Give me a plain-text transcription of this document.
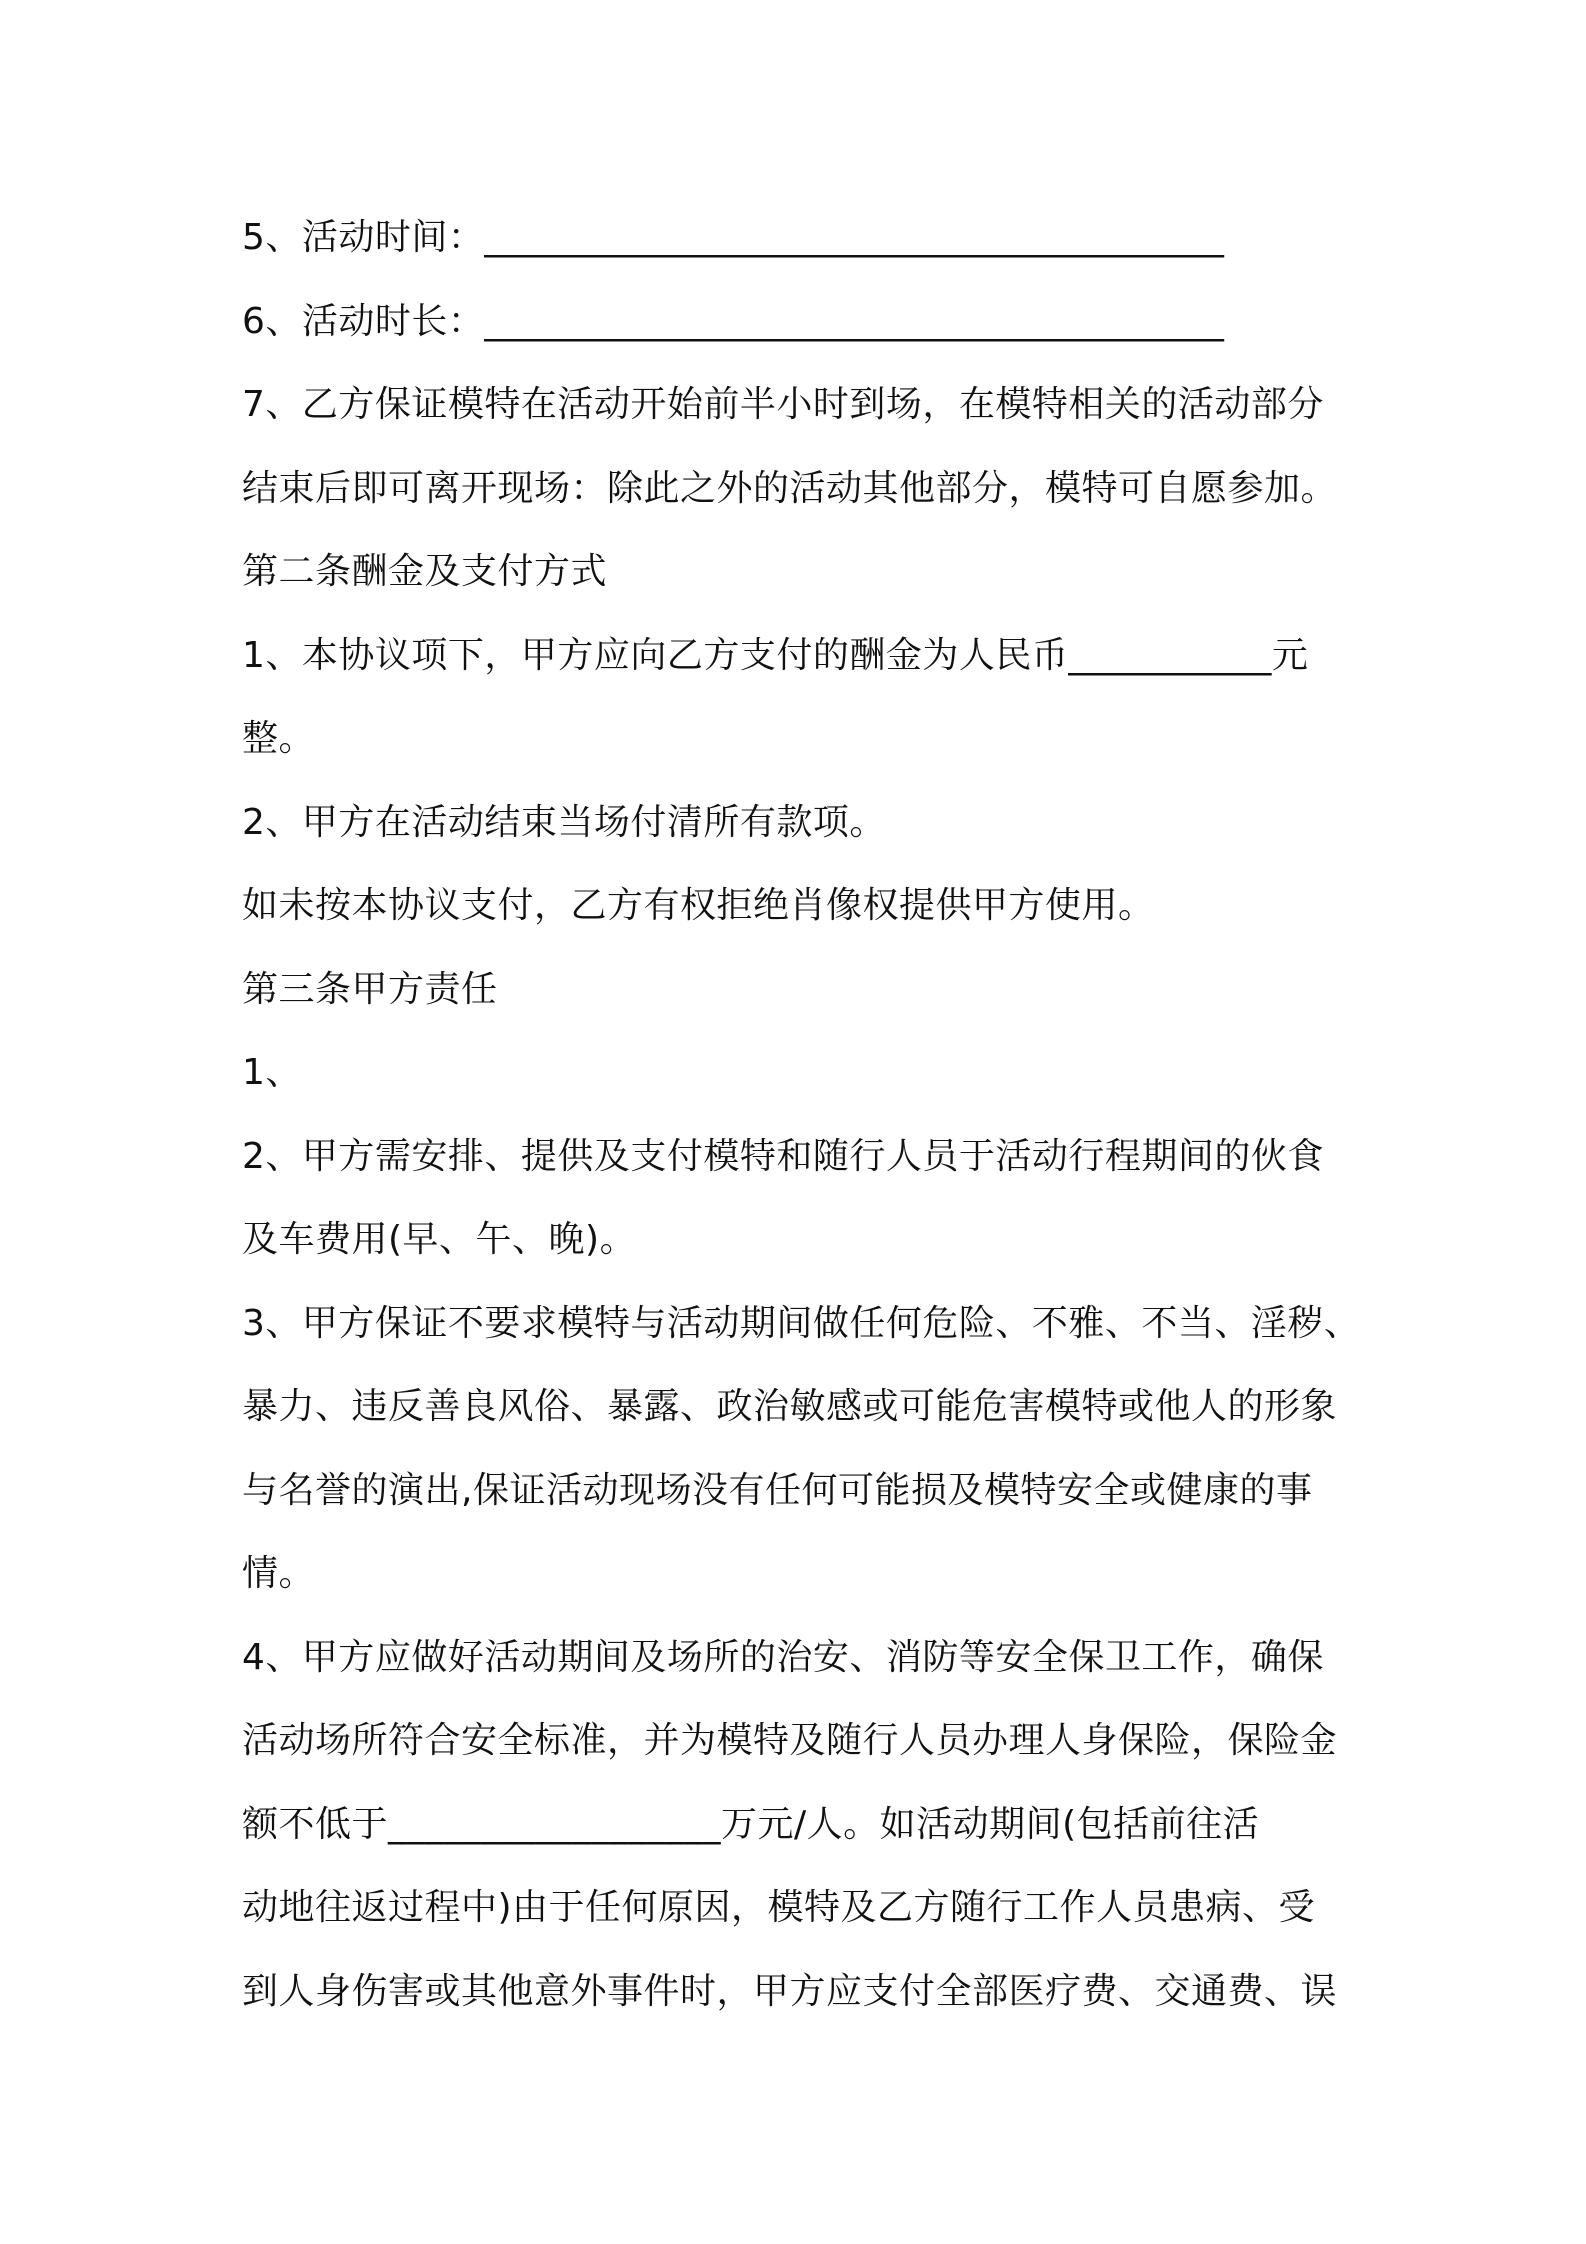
5、活动时间：________________________________________
6、活动时长：________________________________________
7、乙方保证模特在活动开始前半小时到场，在模特相关的活动部分
结束后即可离开现场：除此之外的活动其他部分，模特可自愿参加。
第二条酬金及支付方式
1、本协议项下，甲方应向乙方支付的酬金为人民币___________元
整。
2、甲方在活动结束当场付清所有款项。
如未按本协议支付，乙方有权拒绝肖像权提供甲方使用。
第三条甲方责任
1、
2、甲方需安排、提供及支付模特和随行人员于活动行程期间的伙食
及车费用(早、午、晚)。
3、甲方保证不要求模特与活动期间做任何危险、不雅、不当、淫秽、
暴力、违反善良风俗、暴露、政治敏感或可能危害模特或他人的形象
与名誉的演出,保证活动现场没有任何可能损及模特安全或健康的事
情。
4、甲方应做好活动期间及场所的治安、消防等安全保卫工作，确保
活动场所符合安全标准，并为模特及随行人员办理人身保险，保险金
额不低于__________________万元/人。如活动期间(包括前往活
动地往返过程中)由于任何原因，模特及乙方随行工作人员患病、受
到人身伤害或其他意外事件时，甲方应支付全部医疗费、交通费、误
